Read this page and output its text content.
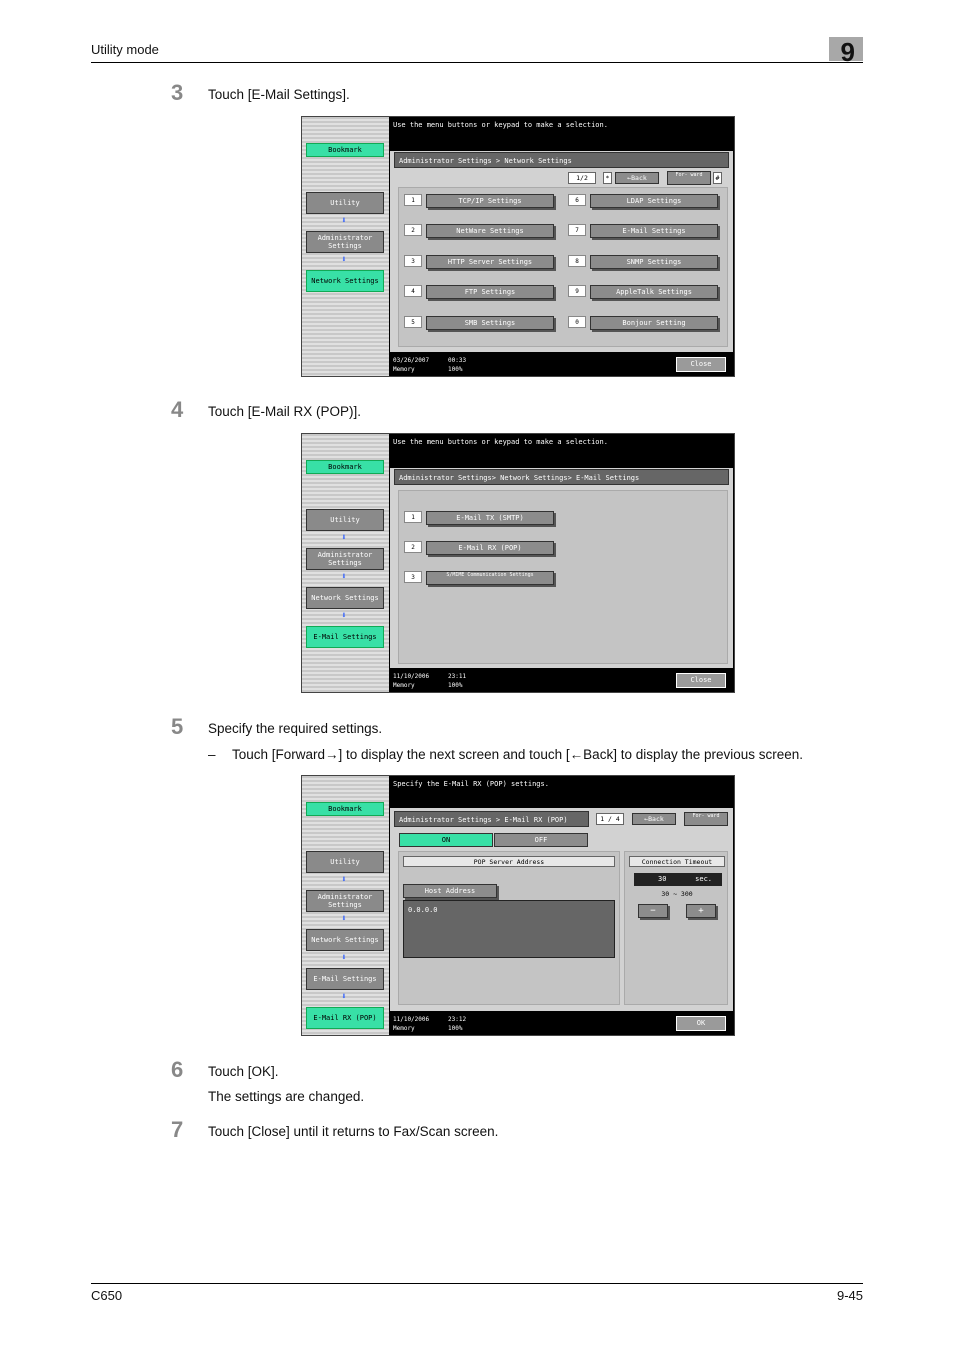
Utility mode	9
3 Touch [E-Mail Settings].
Bookmark
Utility
⬇
Administrator Settings
⬇
Network Settings
Use the menu buttons or keypad to make a selection.
Administrator Settings > Network Settings
1/2	*	←Back	For- ward	#
1	TCP/IP Settings
2	NetWare Settings
3	HTTP Server Settings
4	FTP Settings
5	SMB Settings
6	LDAP Settings
7	E-Mail Settings
8	SNMP Settings
9	AppleTalk Settings
0	Bonjour Setting
03/26/2007
Memory
00:33
100%
Close
4 Touch [E-Mail RX (POP)].
Bookmark
Utility
⬇
Administrator Settings
⬇
Network Settings
⬇
E-Mail Settings
Use the menu buttons or keypad to make a selection.
Administrator Settings> Network Settings> E-Mail Settings
1	E-Mail TX (SMTP)
2	E-Mail RX (POP)
3	S/MIME Communication Settings
11/10/2006
Memory
23:11
100%
Close
5 Specify the required settings.
– Touch [Forward→] to display the next screen and touch [←Back] to display the previous screen.
Bookmark
Utility
⬇
Administrator Settings
⬇
Network Settings
⬇
E-Mail Settings
⬇
E-Mail RX (POP)
Specify the E-Mail RX (POP) settings.
Administrator Settings > E-Mail RX (POP)	1 / 4	←Back	For- ward
ON	OFF
POP Server Address
Host Address
0.0.0.0
Connection Timeout
30	sec.
30 ~ 300
−	+
11/10/2006
Memory
23:12
100%
OK
6 Touch [OK].
The settings are changed.
7 Touch [Close] until it returns to Fax/Scan screen.
C650	9-45
